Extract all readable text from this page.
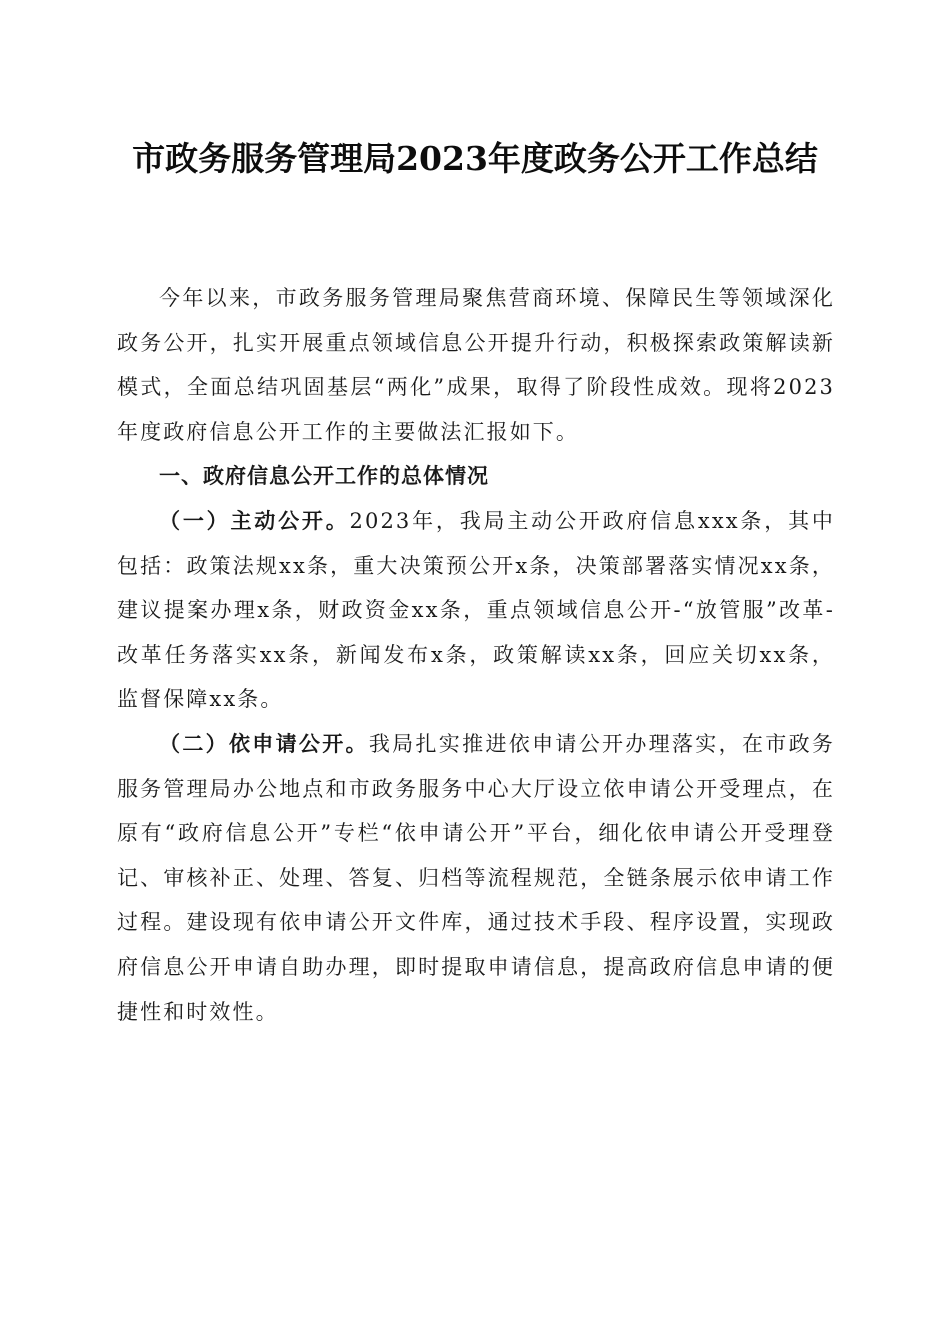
市政务服务管理局2023年度政务公开工作总结

今年以来，市政务服务管理局聚焦营商环境、保障民生等领域深化政务公开，扎实开展重点领域信息公开提升行动，积极探索政策解读新模式，全面总结巩固基层“两化”成果，取得了阶段性成效。现将2023年度政府信息公开工作的主要做法汇报如下。

一、政府信息公开工作的总体情况

（一）主动公开。2023年，我局主动公开政府信息xxx条，其中包括：政策法规xx条，重大决策预公开x条，决策部署落实情况xx条，建议提案办理x条，财政资金xx条，重点领域信息公开-“放管服”改革-改革任务落实xx条，新闻发布x条，政策解读xx条，回应关切xx条，监督保障xx条。

（二）依申请公开。我局扎实推进依申请公开办理落实，在市政务服务管理局办公地点和市政务服务中心大厅设立依申请公开受理点，在原有“政府信息公开”专栏“依申请公开”平台，细化依申请公开受理登记、审核补正、处理、答复、归档等流程规范，全链条展示依申请工作过程。建设现有依申请公开文件库，通过技术手段、程序设置，实现政府信息公开申请自助办理，即时提取申请信息，提高政府信息申请的便捷性和时效性。
